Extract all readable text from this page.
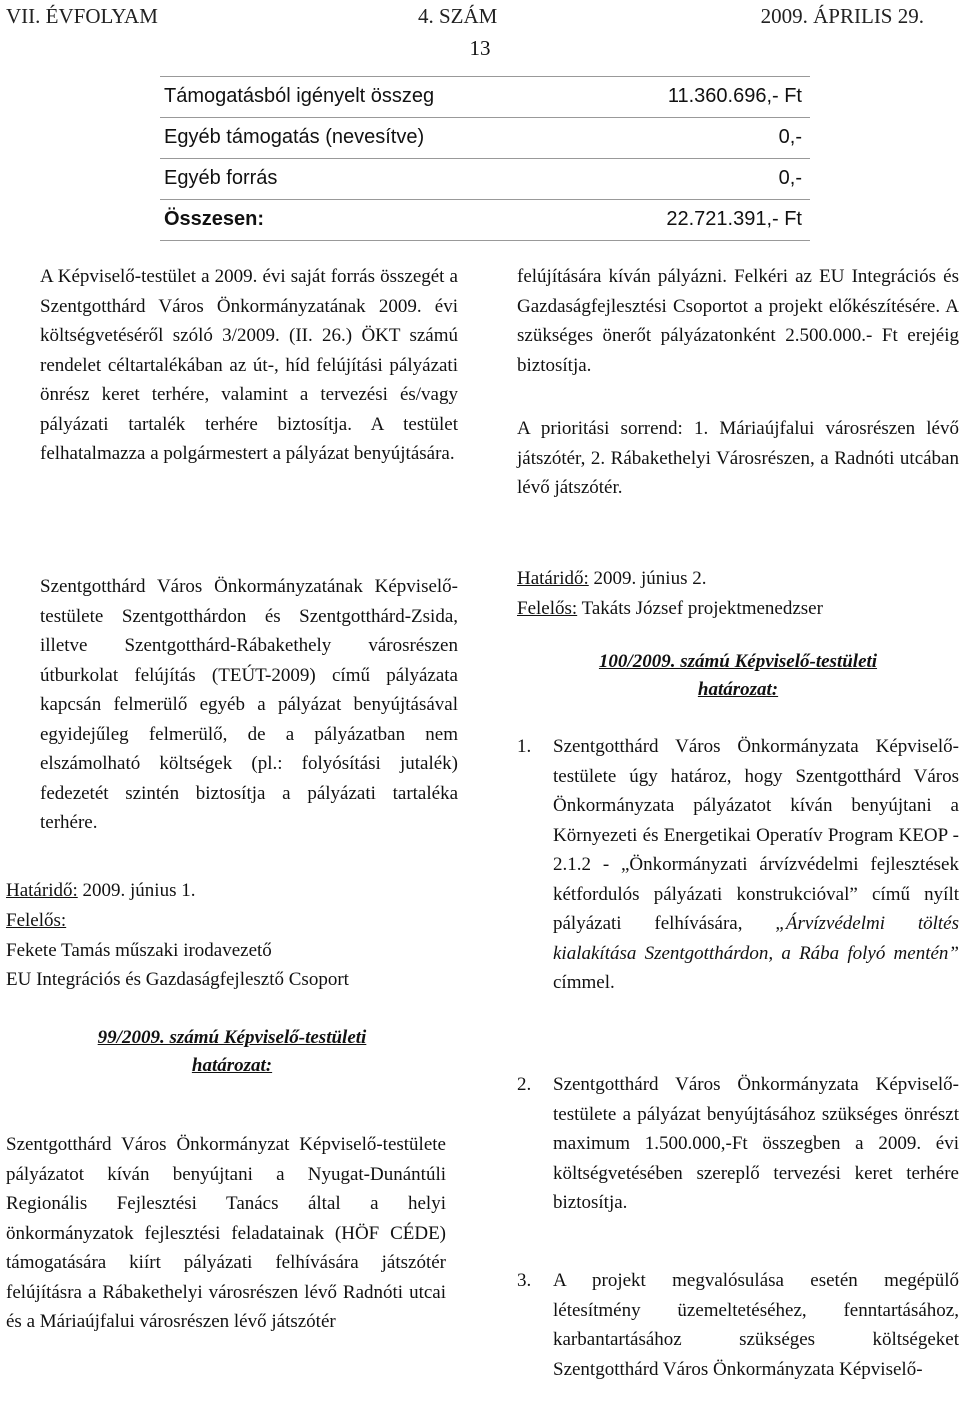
VII. ÉVFOLYAM	4. SZÁM	2009. ÁPRILIS 29.
13
Támogatásból igényelt összeg	11.360.696,- Ft
Egyéb támogatás (nevesítve)	0,-
Egyéb forrás	0,-
Összesen:	22.721.391,- Ft

A Képviselő-testület a 2009. évi saját forrás összegét a Szentgotthárd Város Önkormányzatának 2009. évi költségvetéséről szóló 3/2009. (II. 26.) ÖKT számú rendelet céltartalékában az út-, híd felújítási pályázati önrész keret terhére, valamint a tervezési és/vagy pályázati tartalék terhére biztosítja. A testület felhatalmazza a polgármestert a pályázat benyújtására.

Szentgotthárd Város Önkormányzatának Képviselő-testülete Szentgotthárdon és Szentgotthárd-Zsida, illetve Szentgotthárd-Rábakethely városrészen útburkolat felújítás (TEÚT-2009) című pályázata kapcsán felmerülő egyéb a pályázat benyújtásával egyidejűleg felmerülő, de a pályázatban nem elszámolható költségek (pl.: folyósítási jutalék) fedezetét szintén biztosítja a pályázati tartaléka terhére.

Határidő: 2009. június 1.
Felelős:
Fekete Tamás műszaki irodavezető
EU Integrációs és Gazdaságfejlesztő Csoport
99/2009. számú Képviselő-testületi
határozat:

Szentgotthárd Város Önkormányzat Képviselő-testülete pályázatot kíván benyújtani a Nyugat-Dunántúli Regionális Fejlesztési Tanács által a helyi önkormányzatok fejlesztési feladatainak (HÖF CÉDE) támogatására kiírt pályázati felhívására játszótér felújításra a Rábakethelyi városrészen lévő Radnóti utcai és a Máriaújfalui városrészen lévő játszótér

felújítására kíván pályázni. Felkéri az EU Integrációs és Gazdaságfejlesztési Csoportot a projekt előkészítésére. A szükséges önerőt pályázatonként 2.500.000.- Ft erejéig biztosítja.

A prioritási sorrend: 1. Máriaújfalui városrészen lévő játszótér, 2. Rábakethelyi Városrészen, a Radnóti utcában lévő játszótér.

Határidő: 2009. június 2.
Felelős: Takáts József projektmenedzser
100/2009. számú Képviselő-testületi
határozat:
1. Szentgotthárd Város Önkormányzata Képviselő-testülete úgy határoz, hogy Szentgotthárd Város Önkormányzata pályázatot kíván benyújtani a Környezeti és Energetikai Operatív Program KEOP - 2.1.2 - „Önkormányzati árvízvédelmi fejlesztések kétfordulós pályázati konstrukcióval” című nyílt pályázati felhívására, „Árvízvédelmi töltés kialakítása Szentgotthárdon, a Rába folyó mentén” címmel.
2. Szentgotthárd Város Önkormányzata Képviselő-testülete a pályázat benyújtásához szükséges önrészt maximum 1.500.000,-Ft összegben a 2009. évi költségvetésében szereplő tervezési keret terhére biztosítja.
3. A projekt megvalósulása esetén megépülő létesítmény üzemeltetéséhez, fenntartásához, karbantartásához szükséges költségeket Szentgotthárd Város Önkormányzata Képviselő-
